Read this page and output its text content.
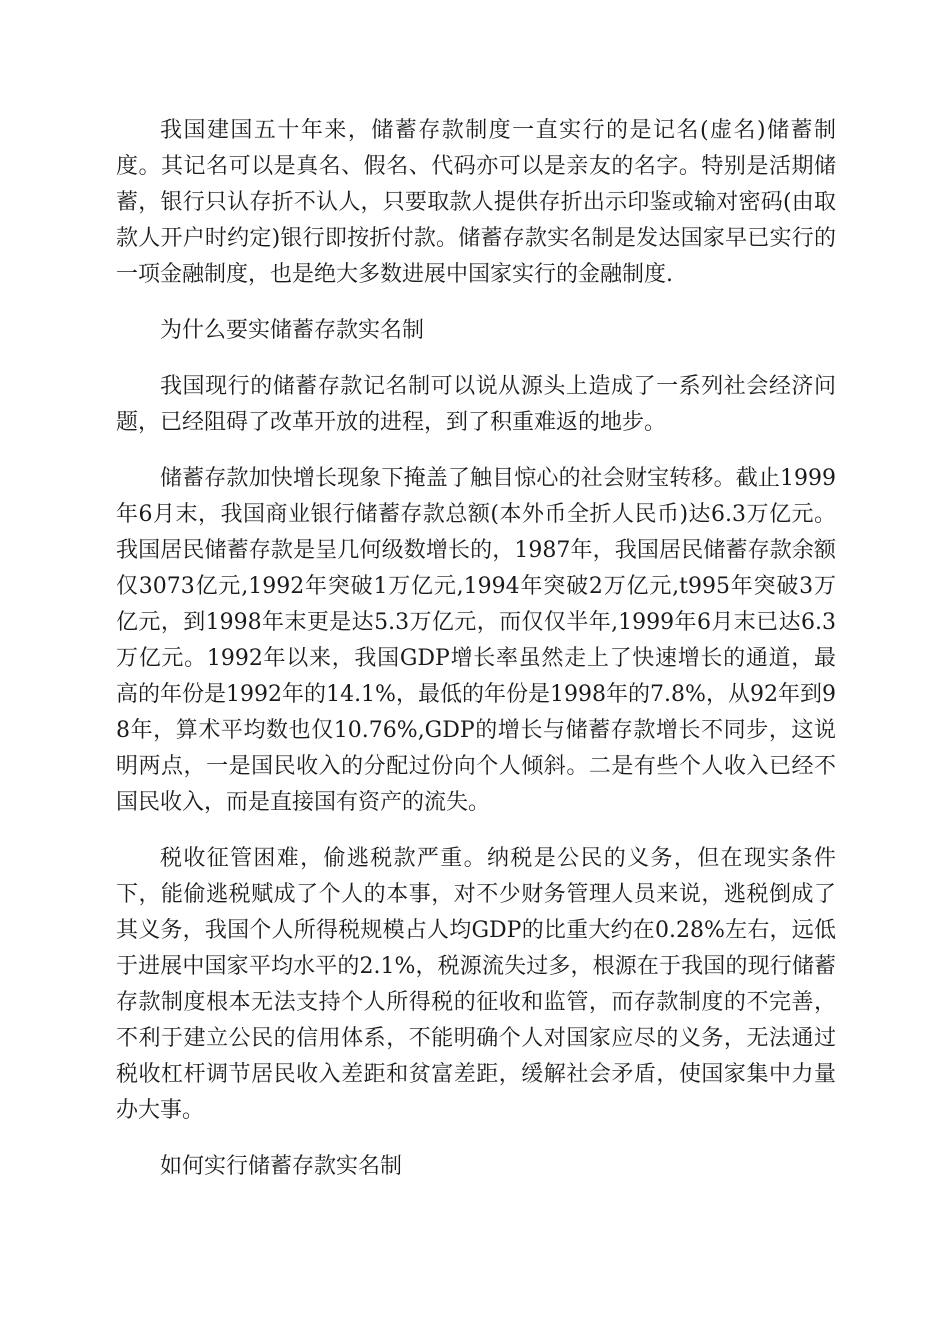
我国建国五十年来，储蓄存款制度一直实行的是记名(虚名)储蓄制度。其记名可以是真名、假名、代码亦可以是亲友的名字。特别是活期储蓄，银行只认存折不认人，只要取款人提供存折出示印鉴或输对密码(由取款人开户时约定)银行即按折付款。储蓄存款实名制是发达国家早已实行的一项金融制度，也是绝大多数进展中国家实行的金融制度.

为什么要实储蓄存款实名制

我国现行的储蓄存款记名制可以说从源头上造成了一系列社会经济问题，已经阻碍了改革开放的进程，到了积重难返的地步。

储蓄存款加快增长现象下掩盖了触目惊心的社会财宝转移。截止1999年6月末，我国商业银行储蓄存款总额(本外币全折人民币)达6.3万亿元。我国居民储蓄存款是呈几何级数增长的，1987年，我国居民储蓄存款余额仅3073亿元,1992年突破1万亿元,1994年突破2万亿元,t995年突破3万亿元，到1998年末更是达5.3万亿元，而仅仅半年,1999年6月末已达6.3万亿元。1992年以来，我国GDP增长率虽然走上了快速增长的通道，最高的年份是1992年的14.1%，最低的年份是1998年的7.8%，从92年到98年，算术平均数也仅10.76%,GDP的增长与储蓄存款增长不同步，这说明两点，一是国民收入的分配过份向个人倾斜。二是有些个人收入已经不国民收入，而是直接国有资产的流失。

税收征管困难，偷逃税款严重。纳税是公民的义务，但在现实条件下，能偷逃税赋成了个人的本事，对不少财务管理人员来说，逃税倒成了其义务，我国个人所得税规模占人均GDP的比重大约在0.28%左右，远低于进展中国家平均水平的2.1%，税源流失过多，根源在于我国的现行储蓄存款制度根本无法支持个人所得税的征收和监管，而存款制度的不完善，不利于建立公民的信用体系，不能明确个人对国家应尽的义务，无法通过税收杠杆调节居民收入差距和贫富差距，缓解社会矛盾，使国家集中力量办大事。

如何实行储蓄存款实名制
